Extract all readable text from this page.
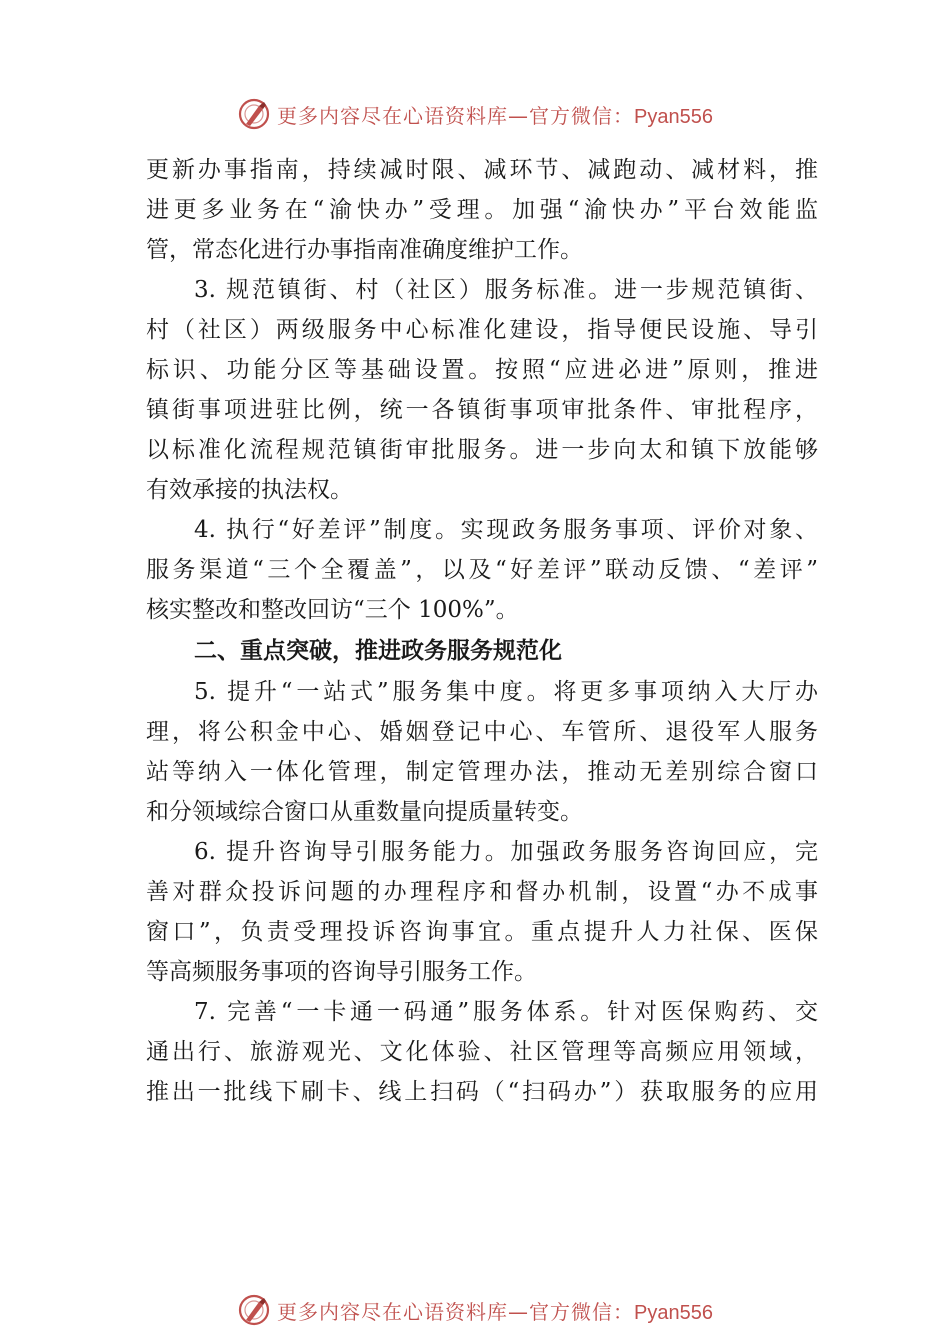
更多内容尽在心语资料库—官方微信：Pyan556
更新办事指南，持续减时限、减环节、减跑动、减材料，推
进更多业务在“渝快办”受理。加强“渝快办”平台效能监
管，常态化进行办事指南准确度维护工作。
3. 规范镇街、村（社区）服务标准。进一步规范镇街、
村（社区）两级服务中心标准化建设，指导便民设施、导引
标识、功能分区等基础设置。按照“应进必进”原则，推进
镇街事项进驻比例，统一各镇街事项审批条件、审批程序，
以标准化流程规范镇街审批服务。进一步向太和镇下放能够
有效承接的执法权。
4. 执行“好差评”制度。实现政务服务事项、评价对象、
服务渠道“三个全覆盖”，以及“好差评”联动反馈、“差评”
核实整改和整改回访“三个 100%”。
二、重点突破，推进政务服务规范化
5. 提升“一站式”服务集中度。将更多事项纳入大厅办
理，将公积金中心、婚姻登记中心、车管所、退役军人服务
站等纳入一体化管理，制定管理办法，推动无差别综合窗口
和分领域综合窗口从重数量向提质量转变。
6. 提升咨询导引服务能力。加强政务服务咨询回应，完
善对群众投诉问题的办理程序和督办机制，设置“办不成事
窗口”，负责受理投诉咨询事宜。重点提升人力社保、医保
等高频服务事项的咨询导引服务工作。
7. 完善“一卡通一码通”服务体系。针对医保购药、交
通出行、旅游观光、文化体验、社区管理等高频应用领域，
推出一批线下刷卡、线上扫码（“扫码办”）获取服务的应用
更多内容尽在心语资料库—官方微信：Pyan556
